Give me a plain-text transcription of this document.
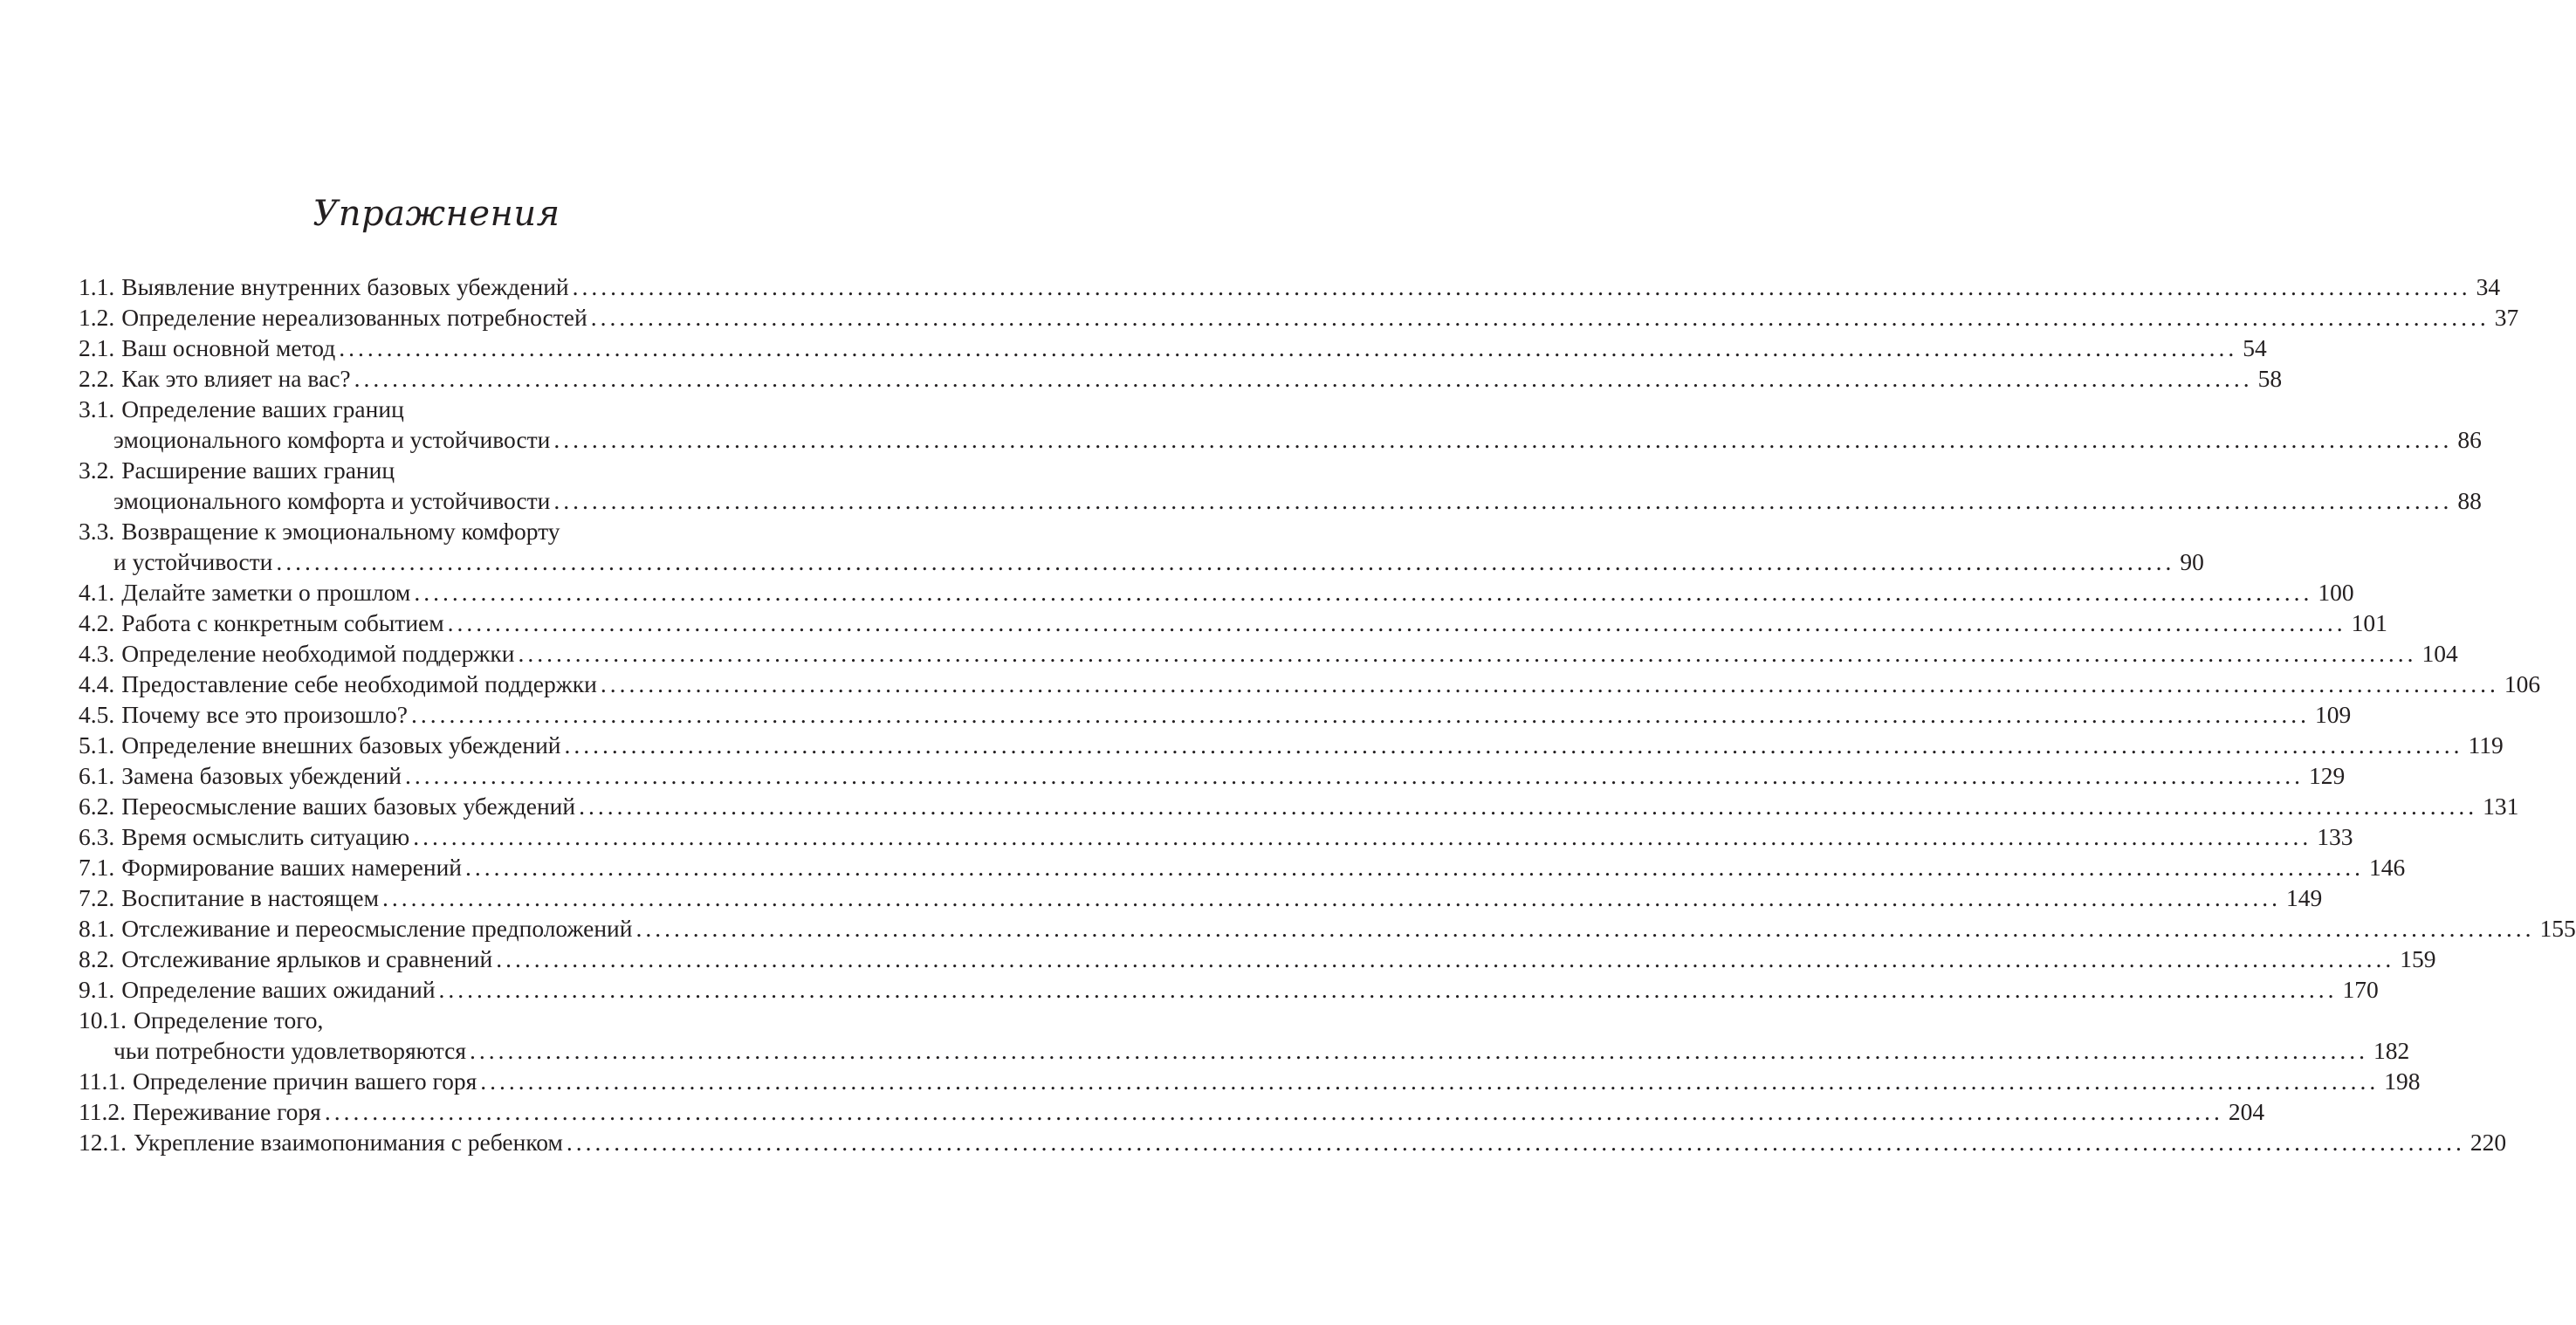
Упражнения
1.1. Выявление внутренних базовых убеждений ........................................................................................................................................................................................................ 34
1.2. Определение нереализованных потребностей ........................................................................................................................................................................................................ 37
2.1. Ваш основной метод ........................................................................................................................................................................................................ 54
2.2. Как это влияет на вас? ........................................................................................................................................................................................................ 58
3.1. Определение ваших границ
эмоционального комфорта и устойчивости ........................................................................................................................................................................................................ 86
3.2. Расширение ваших границ
эмоционального комфорта и устойчивости ........................................................................................................................................................................................................ 88
3.3. Возвращение к эмоциональному комфорту
и устойчивости ........................................................................................................................................................................................................ 90
4.1. Делайте заметки о прошлом ........................................................................................................................................................................................................ 100
4.2. Работа с конкретным событием ........................................................................................................................................................................................................ 101
4.3. Определение необходимой поддержки ........................................................................................................................................................................................................ 104
4.4. Предоставление себе необходимой поддержки ........................................................................................................................................................................................................ 106
4.5. Почему все это произошло? ........................................................................................................................................................................................................ 109
5.1. Определение внешних базовых убеждений ........................................................................................................................................................................................................ 119
6.1. Замена базовых убеждений ........................................................................................................................................................................................................ 129
6.2. Переосмысление ваших базовых убеждений ........................................................................................................................................................................................................ 131
6.3. Время осмыслить ситуацию ........................................................................................................................................................................................................ 133
7.1. Формирование ваших намерений ........................................................................................................................................................................................................ 146
7.2. Воспитание в настоящем ........................................................................................................................................................................................................ 149
8.1. Отслеживание и переосмысление предположений ........................................................................................................................................................................................................ 155
8.2. Отслеживание ярлыков и сравнений ........................................................................................................................................................................................................ 159
9.1. Определение ваших ожиданий ........................................................................................................................................................................................................ 170
10.1. Определение того,
чьи потребности удовлетворяются ........................................................................................................................................................................................................ 182
11.1. Определение причин вашего горя ........................................................................................................................................................................................................ 198
11.2. Переживание горя ........................................................................................................................................................................................................ 204
12.1. Укрепление взаимопонимания с ребенком ........................................................................................................................................................................................................ 220
